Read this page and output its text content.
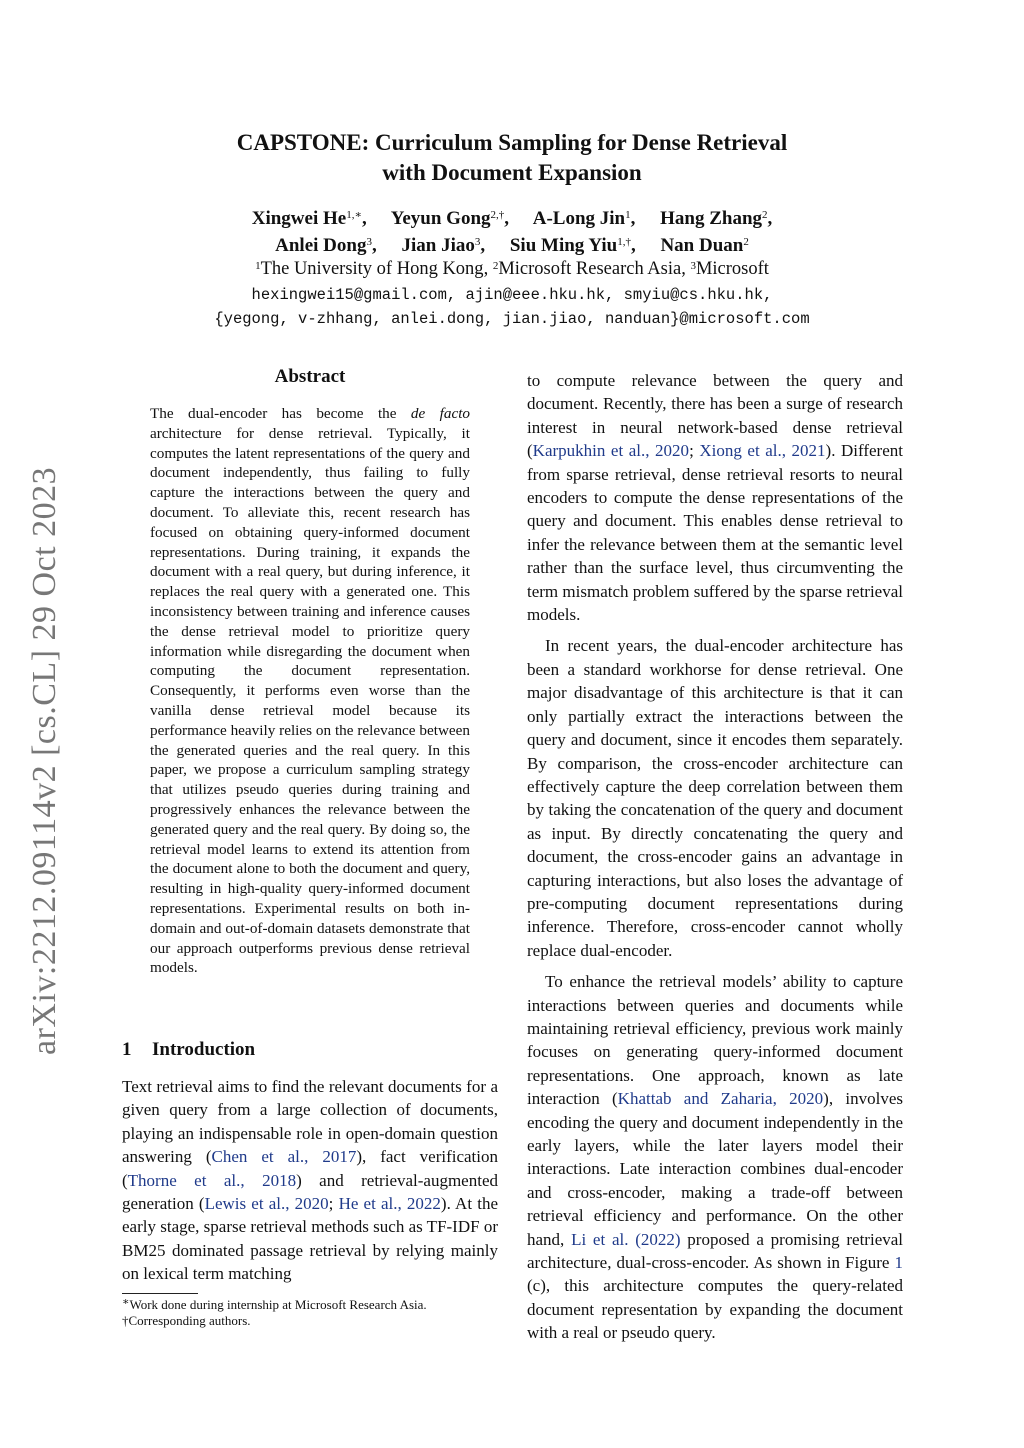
arXiv:2212.09114v2 [cs.CL] 29 Oct 2023
CAPSTONE: Curriculum Sampling for Dense Retrieval
with Document Expansion
Xingwei $He^{1,∗}$, Yeyun Gong$^{2,\dagger}$, A-Long Jin$^1$, Hang Zhang$^2$,
Anlei Dong$^3$, Jian Jiao$^3$, Siu Ming Yiu$^{1,\dagger}$, Nan Duan$^2$
$^1$The University of Hong Kong, $^2$Microsoft Research Asia, $^3$Microsoft
hexingwei15@gmail.com, ajin@eee.hku.hk, smyiu@cs.hku.hk,
{yegong, v-zhhang, anlei.dong, jian.jiao, nanduan}@microsoft.com
Abstract
The dual-encoder has become the de facto architecture for dense retrieval. Typically, it computes the latent representations of the query and document independently, thus failing to fully capture the interactions between the query and document. To alleviate this, recent research has focused on obtaining query-informed document representations. During training, it expands the document with a real query, but during inference, it replaces the real query with a generated one. This inconsistency between training and inference causes the dense retrieval model to prioritize query information while disregarding the document when computing the document representation. Consequently, it performs even worse than the vanilla dense retrieval model because its performance heavily relies on the relevance between the generated queries and the real query. In this paper, we propose a curriculum sampling strategy that utilizes pseudo queries during training and progressively enhances the relevance between the generated query and the real query. By doing so, the retrieval model learns to extend its attention from the document alone to both the document and query, resulting in high-quality query-informed document representations. Experimental results on both in-domain and out-of-domain datasets demonstrate that our approach outperforms previous dense retrieval models.
1 Introduction
Text retrieval aims to find the relevant documents for a given query from a large collection of documents, playing an indispensable role in open-domain question answering (Chen et al., 2017), fact verification (Thorne et al., 2018) and retrieval-augmented generation (Lewis et al., 2020; He et al., 2022). At the early stage, sparse retrieval methods such as TF-IDF or BM25 dominated passage retrieval by relying mainly on lexical term matching
∗Work done during internship at Microsoft Research Asia.
†Corresponding authors.

to compute relevance between the query and document. Recently, there has been a surge of research interest in neural network-based dense retrieval (Karpukhin et al., 2020; Xiong et al., 2021). Different from sparse retrieval, dense retrieval resorts to neural encoders to compute the dense representations of the query and document. This enables dense retrieval to infer the relevance between them at the semantic level rather than the surface level, thus circumventing the term mismatch problem suffered by the sparse retrieval models.

In recent years, the dual-encoder architecture has been a standard workhorse for dense retrieval. One major disadvantage of this architecture is that it can only partially extract the interactions between the query and document, since it encodes them separately. By comparison, the cross-encoder architecture can effectively capture the deep correlation between them by taking the concatenation of the query and document as input. By directly concatenating the query and document, the cross-encoder gains an advantage in capturing interactions, but also loses the advantage of pre-computing document representations during inference. Therefore, cross-encoder cannot wholly replace dual-encoder.

To enhance the retrieval models’ ability to capture interactions between queries and documents while maintaining retrieval efficiency, previous work mainly focuses on generating query-informed document representations. One approach, known as late interaction (Khattab and Zaharia, 2020), involves encoding the query and document independently in the early layers, while the later layers model their interactions. Late interaction combines dual-encoder and cross-encoder, making a trade-off between retrieval efficiency and performance. On the other hand, Li et al. (2022) proposed a promising retrieval architecture, dual-cross-encoder. As shown in Figure 1 (c), this architecture computes the query-related document representation by expanding the document with a real or pseudo query.
